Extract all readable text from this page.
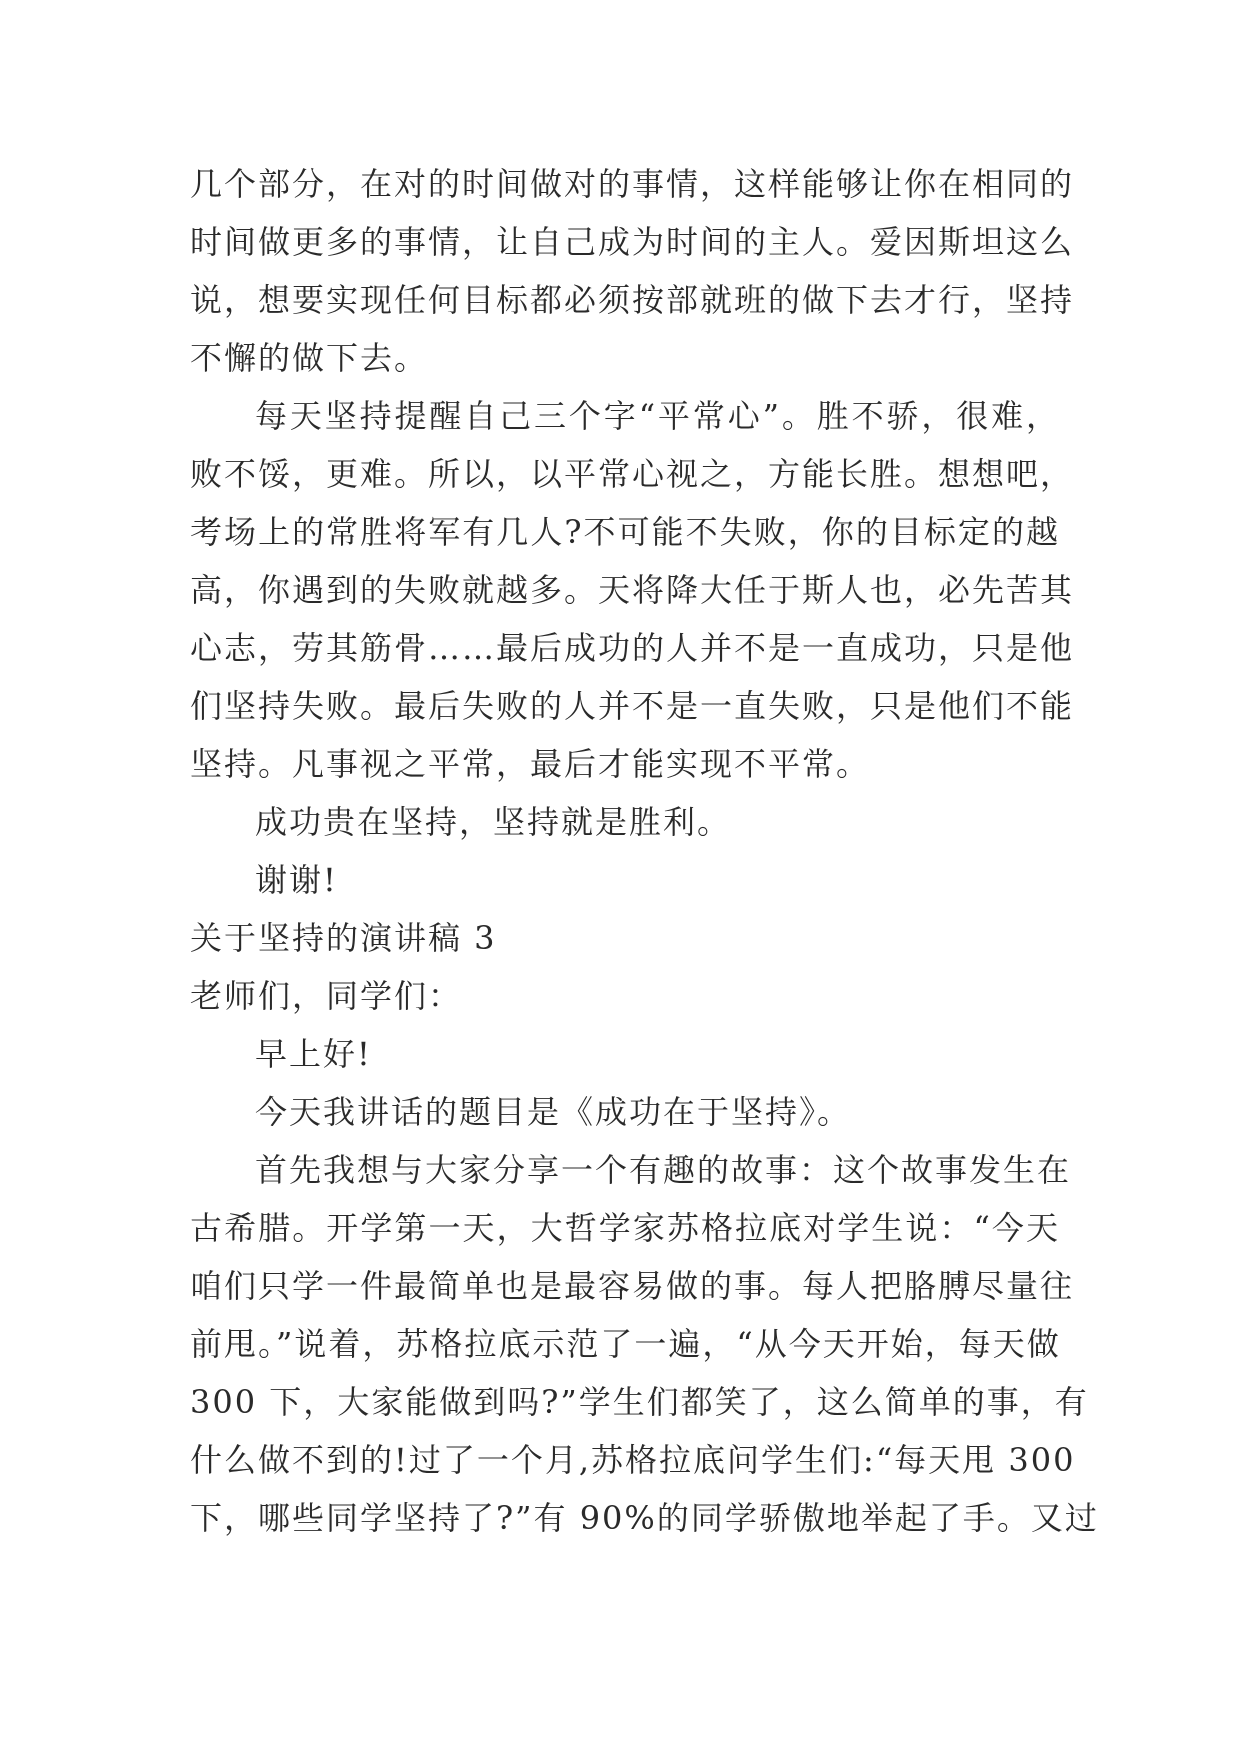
几个部分，在对的时间做对的事情，这样能够让你在相同的
时间做更多的事情，让自己成为时间的主人。爱因斯坦这么
说，想要实现任何目标都必须按部就班的做下去才行，坚持
不懈的做下去。
每天坚持提醒自己三个字“平常心”。胜不骄，很难，
败不馁，更难。所以，以平常心视之，方能长胜。想想吧，
考场上的常胜将军有几人?不可能不失败，你的目标定的越
高，你遇到的失败就越多。天将降大任于斯人也，必先苦其
心志，劳其筋骨……最后成功的人并不是一直成功，只是他
们坚持失败。最后失败的人并不是一直失败，只是他们不能
坚持。凡事视之平常，最后才能实现不平常。
成功贵在坚持，坚持就是胜利。
谢谢!
关于坚持的演讲稿 3
老师们，同学们：
早上好!
今天我讲话的题目是《成功在于坚持》。
首先我想与大家分享一个有趣的故事：这个故事发生在
古希腊。开学第一天，大哲学家苏格拉底对学生说：“今天
咱们只学一件最简单也是最容易做的事。每人把胳膊尽量往
前甩。”说着，苏格拉底示范了一遍，“从今天开始，每天做
300 下，大家能做到吗?”学生们都笑了，这么简单的事，有
什么做不到的!过了一个月,苏格拉底问学生们:“每天甩 300
下，哪些同学坚持了?”有 90%的同学骄傲地举起了手。又过
